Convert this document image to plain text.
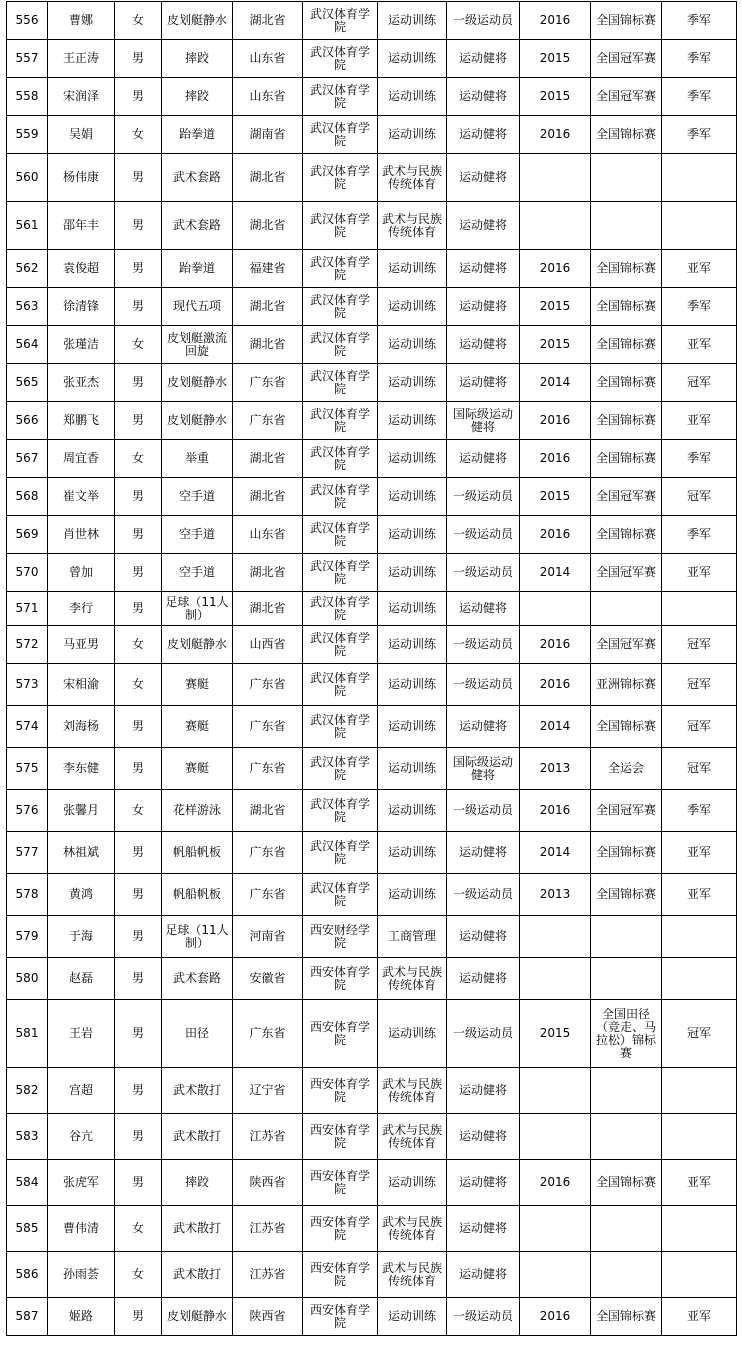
556	曹娜	女	皮划艇静水	湖北省	武汉体育学院	运动训练	一级运动员	2016	全国锦标赛	季军
557	王正涛	男	摔跤	山东省	武汉体育学院	运动训练	运动健将	2015	全国冠军赛	季军
558	宋润泽	男	摔跤	山东省	武汉体育学院	运动训练	运动健将	2015	全国冠军赛	季军
559	吴娟	女	跆拳道	湖南省	武汉体育学院	运动训练	运动健将	2016	全国锦标赛	季军
560	杨伟康	男	武术套路	湖北省	武汉体育学院	武术与民族传统体育	运动健将			
561	邵年丰	男	武术套路	湖北省	武汉体育学院	武术与民族传统体育	运动健将			
562	袁俊超	男	跆拳道	福建省	武汉体育学院	运动训练	运动健将	2016	全国锦标赛	亚军
563	徐清锋	男	现代五项	湖北省	武汉体育学院	运动训练	运动健将	2015	全国锦标赛	季军
564	张瑾洁	女	皮划艇激流回旋	湖北省	武汉体育学院	运动训练	运动健将	2015	全国锦标赛	亚军
565	张亚杰	男	皮划艇静水	广东省	武汉体育学院	运动训练	运动健将	2014	全国锦标赛	冠军
566	郑鹏飞	男	皮划艇静水	广东省	武汉体育学院	运动训练	国际级运动健将	2016	全国锦标赛	亚军
567	周宜香	女	举重	湖北省	武汉体育学院	运动训练	运动健将	2016	全国锦标赛	季军
568	崔文举	男	空手道	湖北省	武汉体育学院	运动训练	一级运动员	2015	全国冠军赛	冠军
569	肖世林	男	空手道	山东省	武汉体育学院	运动训练	一级运动员	2016	全国锦标赛	季军
570	曾加	男	空手道	湖北省	武汉体育学院	运动训练	一级运动员	2014	全国冠军赛	亚军
571	李行	男	足球（11人制）	湖北省	武汉体育学院	运动训练	运动健将			
572	马亚男	女	皮划艇静水	山西省	武汉体育学院	运动训练	一级运动员	2016	全国冠军赛	冠军
573	宋相渝	女	赛艇	广东省	武汉体育学院	运动训练	一级运动员	2016	亚洲锦标赛	冠军
574	刘海杨	男	赛艇	广东省	武汉体育学院	运动训练	运动健将	2014	全国锦标赛	冠军
575	李东健	男	赛艇	广东省	武汉体育学院	运动训练	国际级运动健将	2013	全运会	冠军
576	张馨月	女	花样游泳	湖北省	武汉体育学院	运动训练	一级运动员	2016	全国冠军赛	季军
577	林祖斌	男	帆船帆板	广东省	武汉体育学院	运动训练	运动健将	2014	全国锦标赛	亚军
578	黄鸿	男	帆船帆板	广东省	武汉体育学院	运动训练	一级运动员	2013	全国锦标赛	亚军
579	于海	男	足球（11人制）	河南省	西安财经学院	工商管理	运动健将			
580	赵磊	男	武术套路	安徽省	西安体育学院	武术与民族传统体育	运动健将			
581	王岩	男	田径	广东省	西安体育学院	运动训练	一级运动员	2015	全国田径（竞走、马拉松）锦标赛	冠军
582	宫超	男	武术散打	辽宁省	西安体育学院	武术与民族传统体育	运动健将			
583	谷亢	男	武术散打	江苏省	西安体育学院	武术与民族传统体育	运动健将			
584	张虎军	男	摔跤	陕西省	西安体育学院	运动训练	运动健将	2016	全国锦标赛	亚军
585	曹伟清	女	武术散打	江苏省	西安体育学院	武术与民族传统体育	运动健将			
586	孙雨荟	女	武术散打	江苏省	西安体育学院	武术与民族传统体育	运动健将			
587	姬路	男	皮划艇静水	陕西省	西安体育学院	运动训练	一级运动员	2016	全国锦标赛	亚军
